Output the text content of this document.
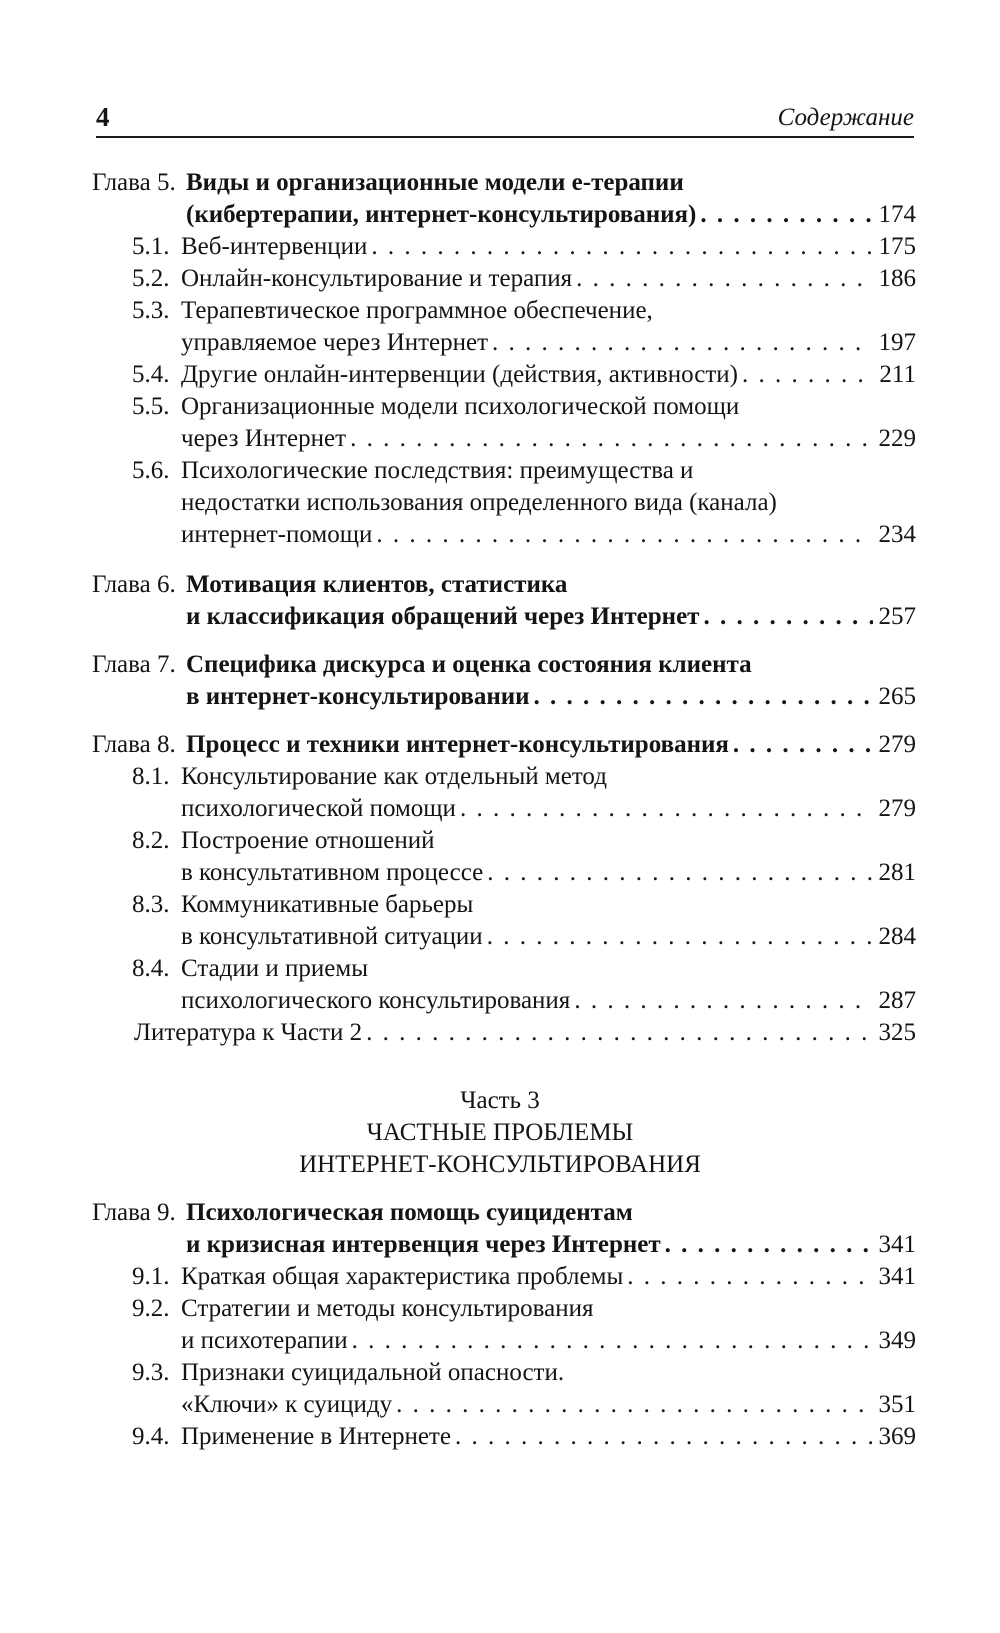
4	Содержание
Глава 5. Виды и организационные модели е-терапии
(кибертерапии, интернет-консультирования) . . .	174
5.1. Веб-интервенции . . .	175
5.2. Онлайн-консультирование и терапия . . .	186
5.3. Терапевтическое программное обеспечение,
управляемое через Интернет . . .	197
5.4. Другие онлайн-интервенции (действия, активности) . . .	211
5.5. Организационные модели психологической помощи
через Интернет . . .	229
5.6. Психологические последствия: преимущества и
недостатки использования определенного вида (канала)
интернет-помощи . . .	234
Глава 6. Мотивация клиентов, статистика
и классификация обращений через Интернет . . .	257
Глава 7. Специфика дискурса и оценка состояния клиента
в интернет-консультировании . . .	265
Глава 8. Процесс и техники интернет-консультирования . . .	279
8.1. Консультирование как отдельный метод
психологической помощи . . .	279
8.2. Построение отношений
в консультативном процессе . . .	281
8.3. Коммуникативные барьеры
в консультативной ситуации . . .	284
8.4. Стадии и приемы
психологического консультирования . . .	287
Литература к Части 2 . . .	325
Часть 3
ЧАСТНЫЕ ПРОБЛЕМЫ
ИНТЕРНЕТ-КОНСУЛЬТИРОВАНИЯ
Глава 9. Психологическая помощь суицидентам
и кризисная интервенция через Интернет . . .	341
9.1. Краткая общая характеристика проблемы . . .	341
9.2. Стратегии и методы консультирования
и психотерапии . . .	349
9.3. Признаки суицидальной опасности.
«Ключи» к суициду . . .	351
9.4. Применение в Интернете . . .	369
